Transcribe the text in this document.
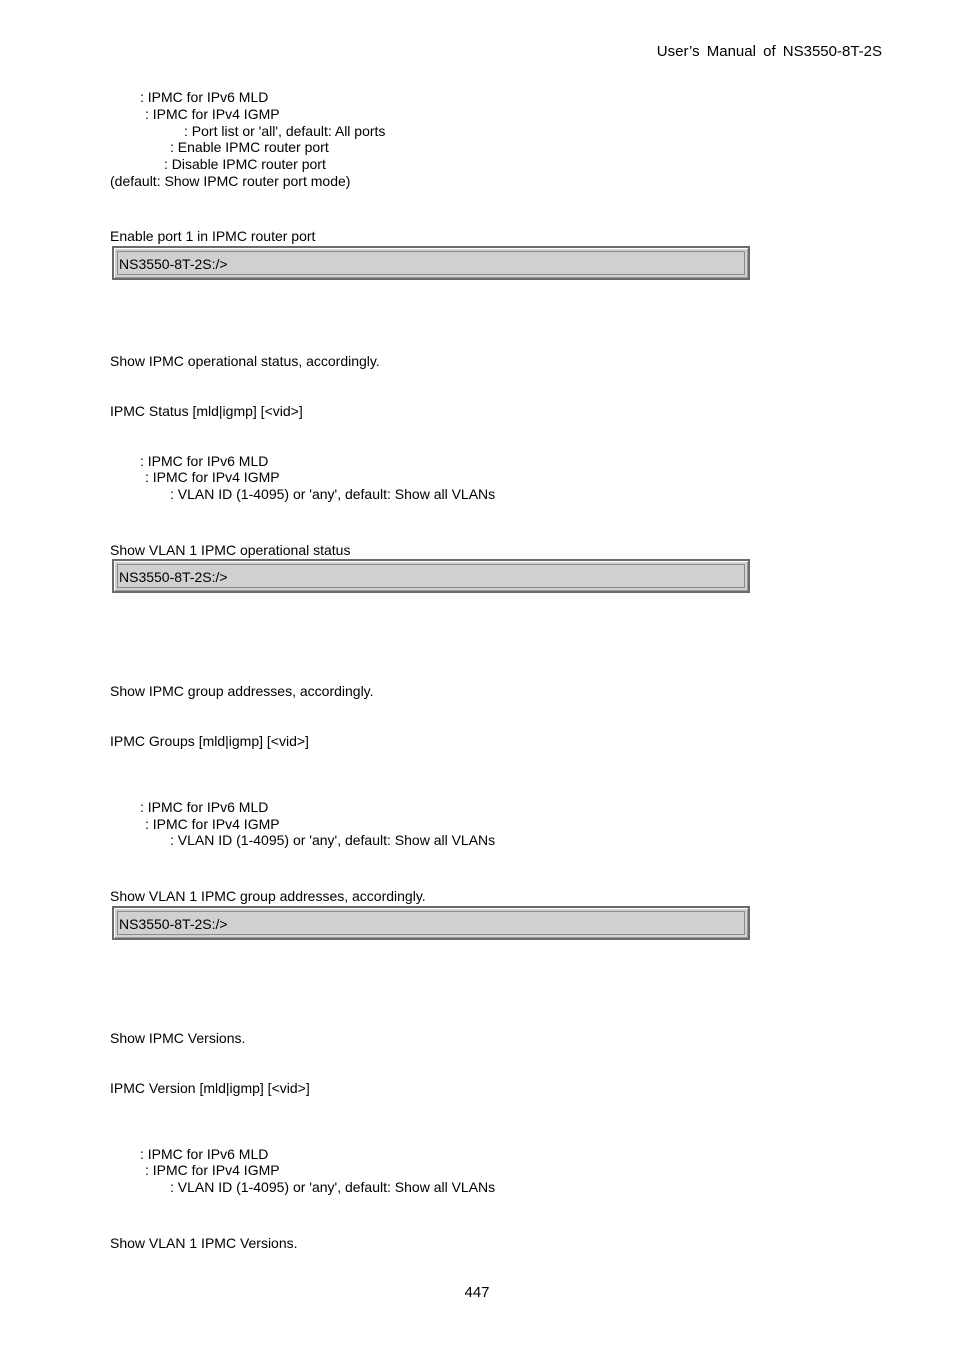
User’s Manual of NS3550-8T-2S
: IPMC for IPv6 MLD
: IPMC for IPv4 IGMP
: Port list or 'all', default: All ports
: Enable IPMC router port
: Disable IPMC router port
(default: Show IPMC router port mode)
Enable port 1 in IPMC router port
NS3550-8T-2S:/>
Show IPMC operational status, accordingly.
IPMC Status [mld|igmp] [<vid>]
: IPMC for IPv6 MLD
: IPMC for IPv4 IGMP
: VLAN ID (1-4095) or 'any', default: Show all VLANs
Show VLAN 1 IPMC operational status
NS3550-8T-2S:/>
Show IPMC group addresses, accordingly.
IPMC Groups [mld|igmp] [<vid>]
: IPMC for IPv6 MLD
: IPMC for IPv4 IGMP
: VLAN ID (1-4095) or 'any', default: Show all VLANs
Show VLAN 1 IPMC group addresses, accordingly.
NS3550-8T-2S:/>
Show IPMC Versions.
IPMC Version [mld|igmp] [<vid>]
: IPMC for IPv6 MLD
: IPMC for IPv4 IGMP
: VLAN ID (1-4095) or 'any', default: Show all VLANs
Show VLAN 1 IPMC Versions.
447
